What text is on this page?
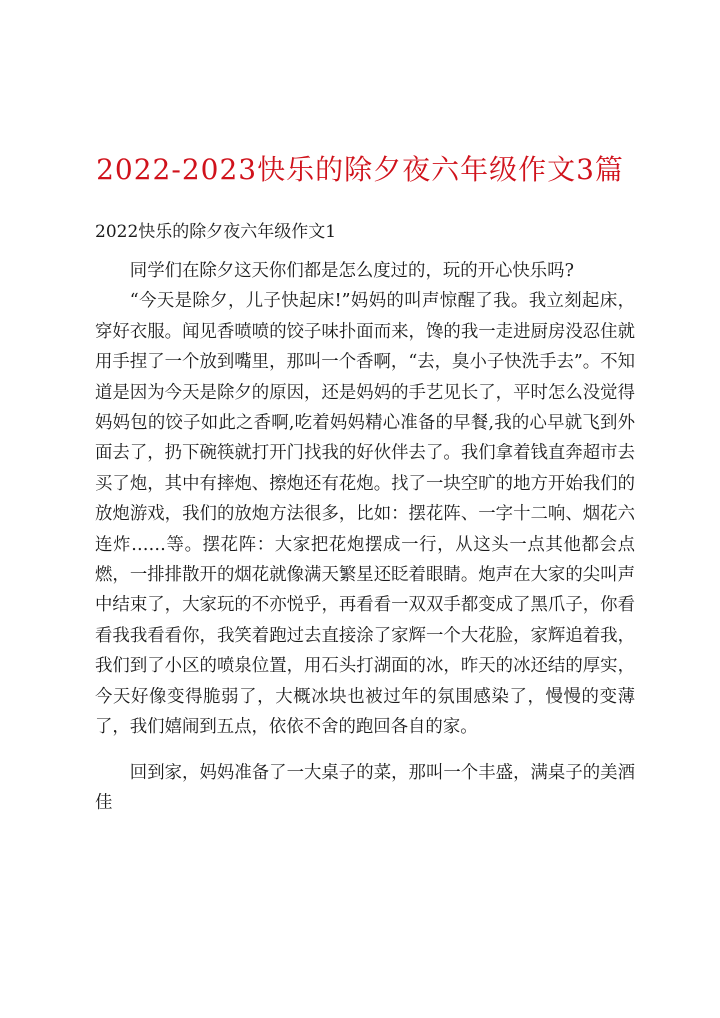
2022-2023快乐的除夕夜六年级作文3篇
2022快乐的除夕夜六年级作文1

同学们在除夕这天你们都是怎么度过的，玩的开心快乐吗?

“今天是除夕，儿子快起床!”妈妈的叫声惊醒了我。我立刻起床，穿好衣服。闻见香喷喷的饺子味扑面而来，馋的我一走进厨房没忍住就用手捏了一个放到嘴里，那叫一个香啊，“去，臭小子快洗手去”。不知道是因为今天是除夕的原因，还是妈妈的手艺见长了，平时怎么没觉得妈妈包的饺子如此之香啊,吃着妈妈精心准备的早餐,我的心早就飞到外面去了，扔下碗筷就打开门找我的好伙伴去了。我们拿着钱直奔超市去买了炮，其中有摔炮、擦炮还有花炮。找了一块空旷的地方开始我们的放炮游戏，我们的放炮方法很多，比如：摆花阵、一字十二响、烟花六连炸……等。摆花阵：大家把花炮摆成一行，从这头一点其他都会点燃，一排排散开的烟花就像满天繁星还眨着眼睛。炮声在大家的尖叫声中结束了，大家玩的不亦悦乎，再看看一双双手都变成了黑爪子，你看看我我看看你，我笑着跑过去直接涂了家辉一个大花脸，家辉追着我，我们到了小区的喷泉位置，用石头打湖面的冰，昨天的冰还结的厚实，今天好像变得脆弱了，大概冰块也被过年的氛围感染了，慢慢的变薄了，我们嬉闹到五点，依依不舍的跑回各自的家。

回到家，妈妈准备了一大桌子的菜，那叫一个丰盛，满桌子的美酒佳
